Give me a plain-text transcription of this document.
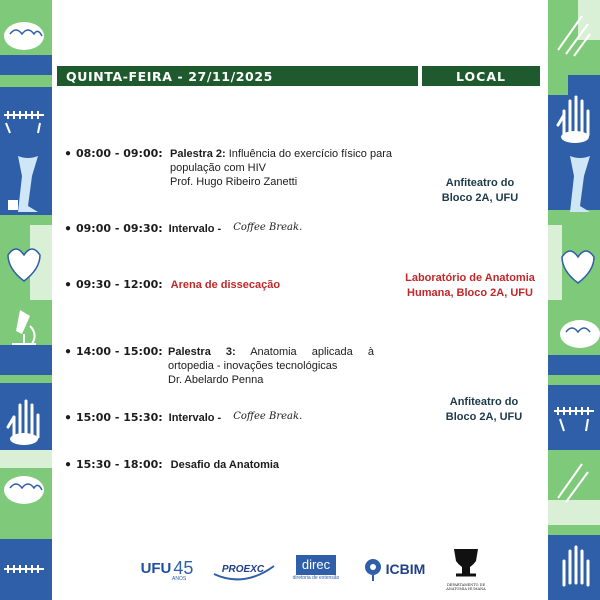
QUINTA-FEIRA - 27/11/2025	LOCAL
● 08:00 - 09:00: Palestra 2: Influência do exercício físico para população com HIV
Prof. Hugo Ribeiro Zanetti
● 09:00 - 09:30: Intervalo - Coffee Break.
● 09:30 - 12:00: Arena de dissecação
● 14:00 - 15:00: Palestra 3: Anatomia aplicada à ortopedia - inovações tecnológicas
Dr. Abelardo Penna
● 15:00 - 15:30: Intervalo - Coffee Break.
● 15:30 - 18:00: Desafio da Anatomia
Anfiteatro do
Bloco 2A, UFU
Laboratório de Anatomia
Humana, Bloco 2A, UFU
Anfiteatro do
Bloco 2A, UFU
UFU 45
ANOS
PROEXC	direc
diretoria de extensão
ICBIM
DEPARTAMENTO DE ANATOMIA HUMANA
